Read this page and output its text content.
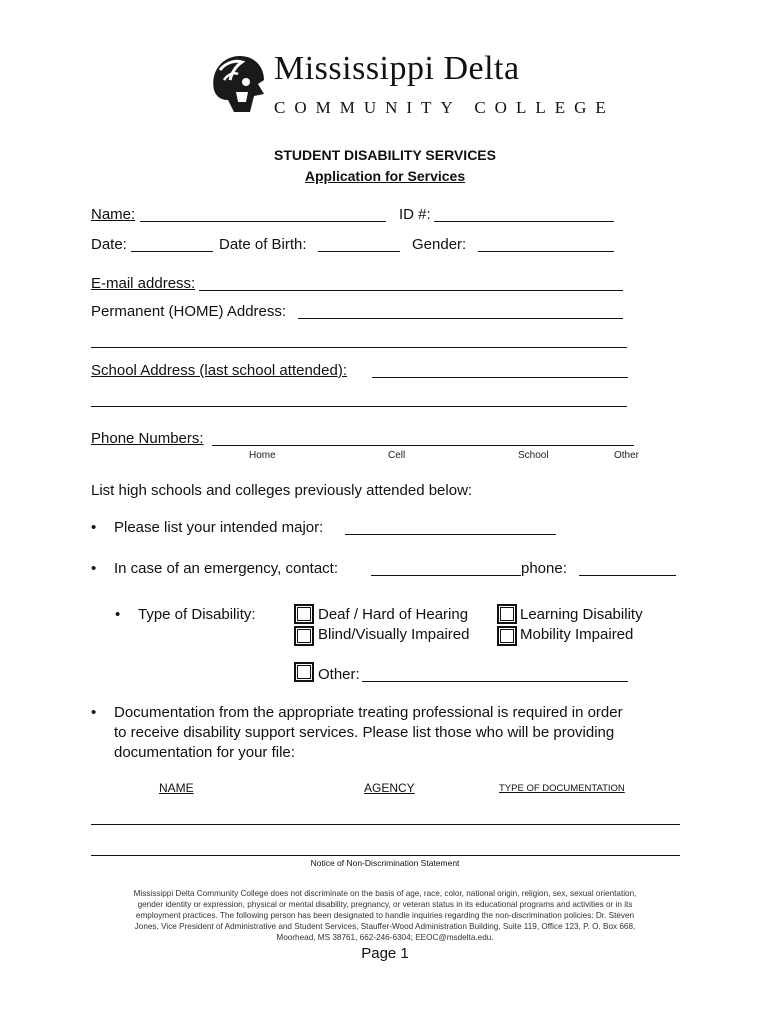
Mississippi Delta
COMMUNITY COLLEGE
STUDENT DISABILITY SERVICES
Application for Services
Name:	ID #:
Date:	Date of Birth:	Gender:
E-mail address:
Permanent (HOME) Address:
School Address (last school attended):
Phone Numbers:
Home	Cell	School	Other
List high schools and colleges previously attended below:
• Please list your intended major:
• In case of an emergency, contact:	phone:
• Type of Disability:	Deaf / Hard of Hearing	Learning Disability
Blind/Visually Impaired	Mobility Impaired
Other:
• Documentation from the appropriate treating professional is required in order
to receive disability support services. Please list those who will be providing
documentation for your file:
NAME	AGENCY	TYPE OF DOCUMENTATION
Notice of Non-Discrimination Statement
Mississippi Delta Community College does not discriminate on the basis of age, race, color, national origin, religion, sex, sexual orientation,
gender identity or expression, physical or mental disability, pregnancy, or veteran status in its educational programs and activities or in its
employment practices. The following person has been designated to handle inquiries regarding the non-discrimination policies: Dr. Steven
Jones, Vice President of Administrative and Student Services, Stauffer-Wood Administration Building, Suite 119, Office 123, P. O. Box 668,
Moorhead, MS 38761, 662-246-6304; EEOC@msdelta.edu.
Page 1
